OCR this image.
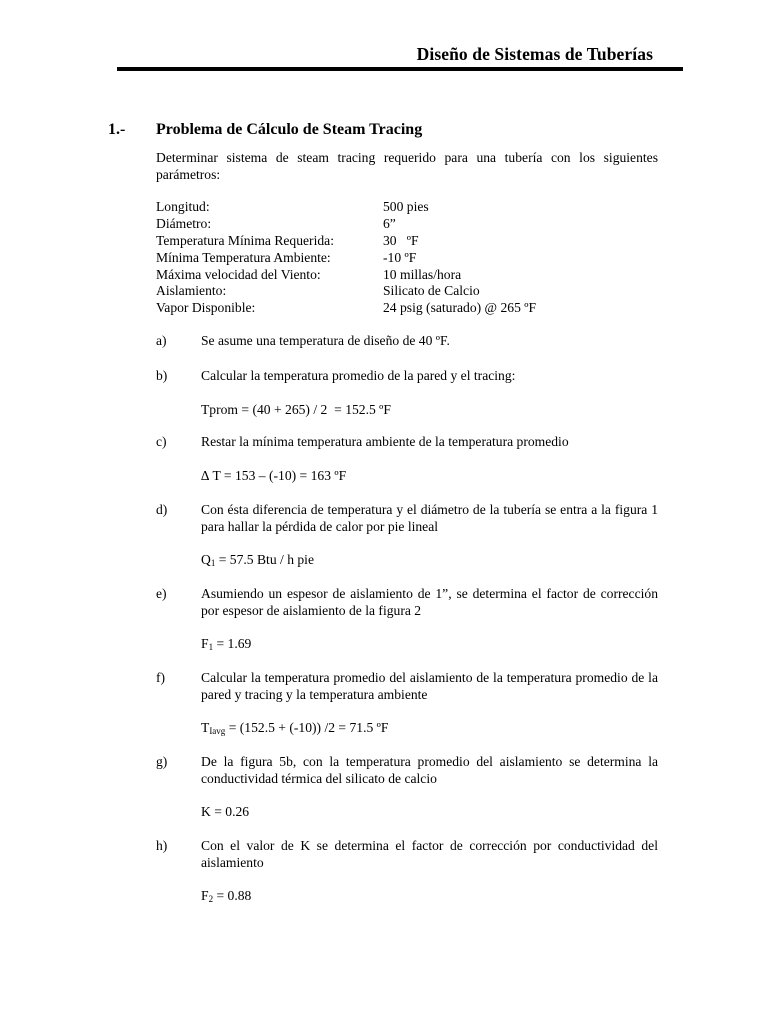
Diseño de Sistemas de Tuberías
1.- Problema de Cálculo de Steam Tracing
Determinar sistema de steam tracing requerido para una tubería con los siguientes parámetros:
Longitud:	500 pies
Diámetro:	6”
Temperatura Mínima Requerida:	30   ºF
Mínima Temperatura Ambiente:	-10 ºF
Máxima velocidad del Viento:	10 millas/hora
Aislamiento:	Silicato de Calcio
Vapor Disponible:	24 psig (saturado) @ 265 ºF
a)	Se asume una temperatura de diseño de 40 ºF.
b) Calcular la temperatura promedio de la pared y el tracing:
Tprom = (40 + 265) / 2  = 152.5 ºF
c)	Restar la mínima temperatura ambiente de la temperatura promedio
∆ T = 153 – (-10) = 163 ºF
d) Con ésta diferencia de temperatura y el diámetro de la tubería se entra a la figura 1 para hallar la pérdida de calor por pie lineal
$Q_1 = 57.5$ Btu / h pie
e)	Asumiendo un espesor de aislamiento de 1”, se determina el factor de corrección por espesor de aislamiento de la figura 2
$F_1 = 1.69$
f)	Calcular la temperatura promedio del aislamiento de la temperatura promedio de la pared y tracing y la temperatura ambiente
$T_{Iavg} = (152.5 + (-10)) /2 = 71.5$ ºF
g) De la figura 5b, con la temperatura promedio del aislamiento se determina la conductividad térmica del silicato de calcio
K = 0.26
h) Con el valor de K se determina el factor de corrección por conductividad del aislamiento
$F_2 = 0.88$
